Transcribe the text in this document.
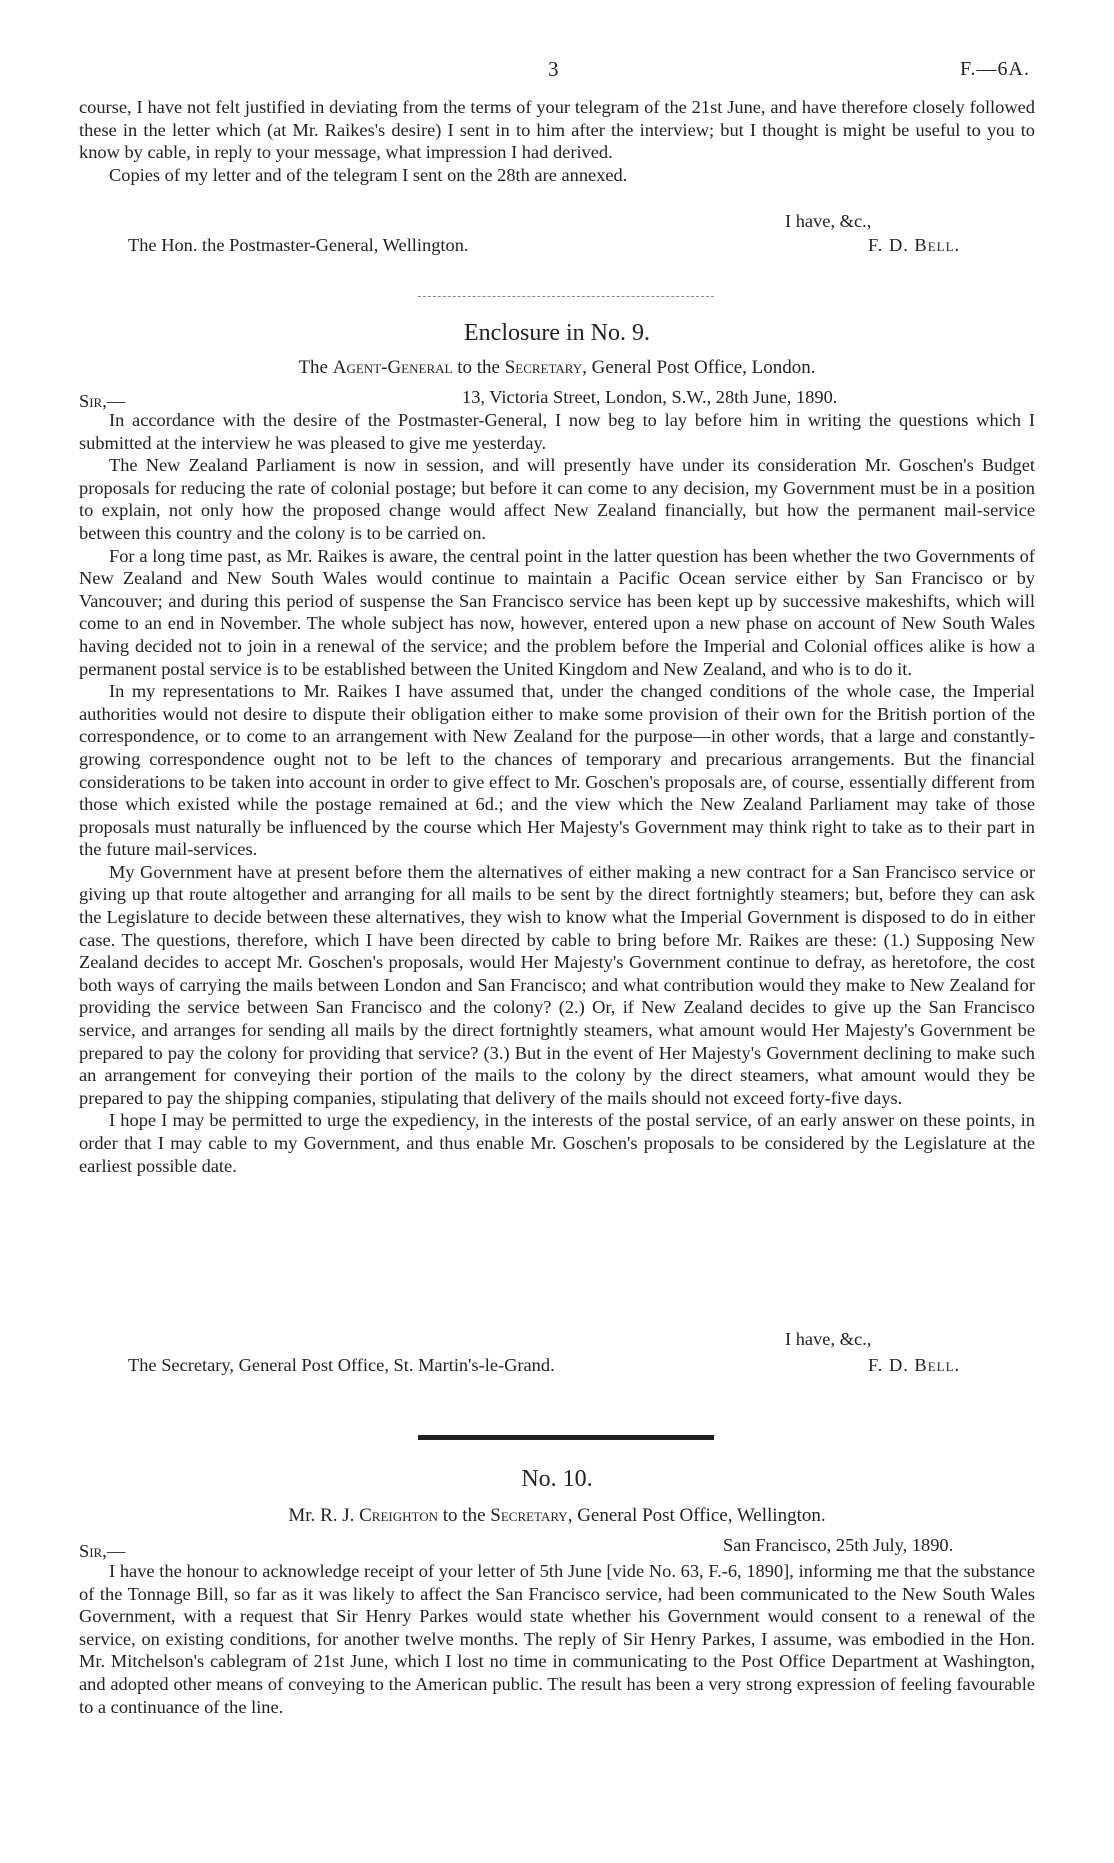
3	F.—6A.

course, I have not felt justified in deviating from the terms of your telegram of the 21st June, and have therefore closely followed these in the letter which (at Mr. Raikes's desire) I sent in to him after the interview; but I thought is might be useful to you to know by cable, in reply to your message, what impression I had derived.

Copies of my letter and of the telegram I sent on the 28th are annexed.

I have, &c.,
The Hon. the Postmaster-General, Wellington.	F. D. Bell.
Enclosure in No. 9.
The Agent-General to the Secretary, General Post Office, London.
Sir,—	13, Victoria Street, London, S.W., 28th June, 1890.

In accordance with the desire of the Postmaster-General, I now beg to lay before him in writing the questions which I submitted at the interview he was pleased to give me yesterday.

The New Zealand Parliament is now in session, and will presently have under its consideration Mr. Goschen's Budget proposals for reducing the rate of colonial postage; but before it can come to any decision, my Government must be in a position to explain, not only how the proposed change would affect New Zealand financially, but how the permanent mail-service between this country and the colony is to be carried on.

For a long time past, as Mr. Raikes is aware, the central point in the latter question has been whether the two Governments of New Zealand and New South Wales would continue to maintain a Pacific Ocean service either by San Francisco or by Vancouver; and during this period of suspense the San Francisco service has been kept up by successive makeshifts, which will come to an end in November. The whole subject has now, however, entered upon a new phase on account of New South Wales having decided not to join in a renewal of the service; and the problem before the Imperial and Colonial offices alike is how a permanent postal service is to be established between the United Kingdom and New Zealand, and who is to do it.

In my representations to Mr. Raikes I have assumed that, under the changed conditions of the whole case, the Imperial authorities would not desire to dispute their obligation either to make some provision of their own for the British portion of the correspondence, or to come to an arrangement with New Zealand for the purpose—in other words, that a large and constantly-growing correspondence ought not to be left to the chances of temporary and precarious arrangements. But the financial considerations to be taken into account in order to give effect to Mr. Goschen's proposals are, of course, essentially different from those which existed while the postage remained at 6d.; and the view which the New Zealand Parliament may take of those proposals must naturally be influenced by the course which Her Majesty's Government may think right to take as to their part in the future mail-services.

My Government have at present before them the alternatives of either making a new contract for a San Francisco service or giving up that route altogether and arranging for all mails to be sent by the direct fortnightly steamers; but, before they can ask the Legislature to decide between these alternatives, they wish to know what the Imperial Government is disposed to do in either case. The questions, therefore, which I have been directed by cable to bring before Mr. Raikes are these: (1.) Supposing New Zealand decides to accept Mr. Goschen's proposals, would Her Majesty's Government continue to defray, as heretofore, the cost both ways of carrying the mails between London and San Francisco; and what contribution would they make to New Zealand for providing the service between San Francisco and the colony? (2.) Or, if New Zealand decides to give up the San Francisco service, and arranges for sending all mails by the direct fortnightly steamers, what amount would Her Majesty's Government be prepared to pay the colony for providing that service? (3.) But in the event of Her Majesty's Government declining to make such an arrangement for conveying their portion of the mails to the colony by the direct steamers, what amount would they be prepared to pay the shipping companies, stipulating that delivery of the mails should not exceed forty-five days.

I hope I may be permitted to urge the expediency, in the interests of the postal service, of an early answer on these points, in order that I may cable to my Government, and thus enable Mr. Goschen's proposals to be considered by the Legislature at the earliest possible date.

I have, &c.,
The Secretary, General Post Office, St. Martin's-le-Grand.	F. D. Bell.
No. 10.
Mr. R. J. Creighton to the Secretary, General Post Office, Wellington.
Sir,—	San Francisco, 25th July, 1890.

I have the honour to acknowledge receipt of your letter of 5th June [vide No. 63, F.-6, 1890], informing me that the substance of the Tonnage Bill, so far as it was likely to affect the San Francisco service, had been communicated to the New South Wales Government, with a request that Sir Henry Parkes would state whether his Government would consent to a renewal of the service, on existing conditions, for another twelve months. The reply of Sir Henry Parkes, I assume, was embodied in the Hon. Mr. Mitchelson's cablegram of 21st June, which I lost no time in communicating to the Post Office Department at Washington, and adopted other means of conveying to the American public. The result has been a very strong expression of feeling favourable to a continuance of the line.
